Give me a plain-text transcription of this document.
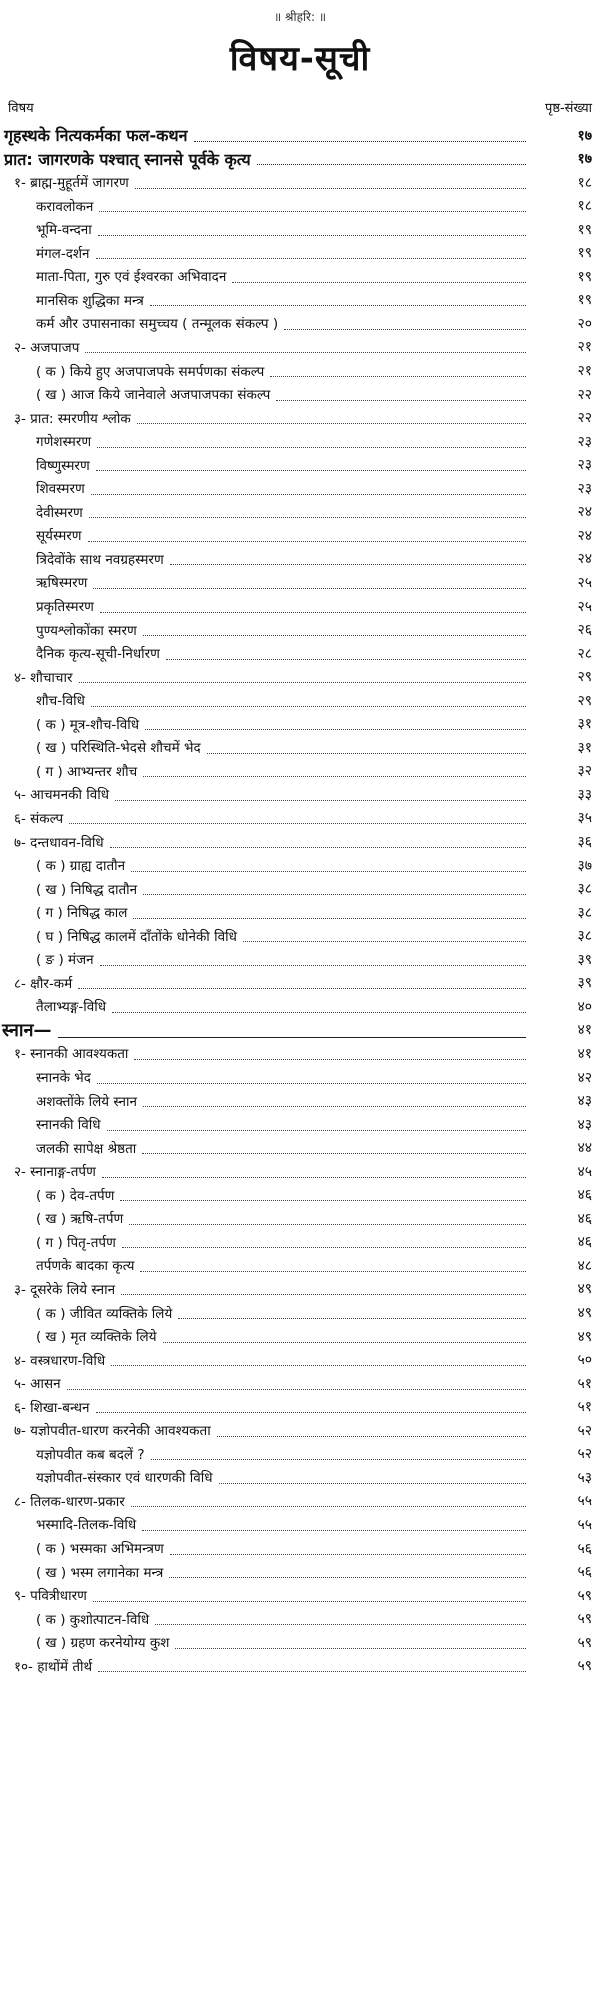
॥ श्रीहरि: ॥
विषय-सूची
विषय	पृष्ठ-संख्या
गृहस्थके नित्यकर्मका फल-कथन	१७
प्रात: जागरणके पश्चात् स्नानसे पूर्वके कृत्य	१७
१- ब्राह्म-मुहूर्तमें जागरण	१८
करावलोकन	१८
भूमि-वन्दना	१९
मंगल-दर्शन	१९
माता-पिता, गुरु एवं ईश्वरका अभिवादन	१९
मानसिक शुद्धिका मन्त्र	१९
कर्म और उपासनाका समुच्चय ( तन्मूलक संकल्प )	२०
२- अजपाजप	२१
( क ) किये हुए अजपाजपके समर्पणका संकल्प	२१
( ख ) आज किये जानेवाले अजपाजपका संकल्प	२२
३- प्रात: स्मरणीय श्लोक	२२
गणेशस्मरण	२३
विष्णुस्मरण	२३
शिवस्मरण	२३
देवीस्मरण	२४
सूर्यस्मरण	२४
त्रिदेवोंके साथ नवग्रहस्मरण	२४
ऋषिस्मरण	२५
प्रकृतिस्मरण	२५
पुण्यश्लोकोंका स्मरण	२६
दैनिक कृत्य-सूची-निर्धारण	२८
४- शौचाचार	२९
शौच-विधि	२९
( क ) मूत्र-शौच-विधि	३१
( ख ) परिस्थिति-भेदसे शौचमें भेद	३१
( ग ) आभ्यन्तर शौच	३२
५- आचमनकी विधि	३३
६- संकल्प	३५
७- दन्तधावन-विधि	३६
( क ) ग्राह्य दातौन	३७
( ख ) निषिद्ध दातौन	३८
( ग ) निषिद्ध काल	३८
( घ ) निषिद्ध कालमें दाँतोंके धोनेकी विधि	३८
( ङ ) मंजन	३९
८- क्षौर-कर्म	३९
तैलाभ्यङ्ग-विधि	४०
स्नान—	४१
१- स्नानकी आवश्यकता	४१
स्नानके भेद	४२
अशक्तोंके लिये स्नान	४३
स्नानकी विधि	४३
जलकी सापेक्ष श्रेष्ठता	४४
२- स्नानाङ्ग-तर्पण	४५
( क ) देव-तर्पण	४६
( ख ) ऋषि-तर्पण	४६
( ग ) पितृ-तर्पण	४६
तर्पणके बादका कृत्य	४८
३- दूसरेके लिये स्नान	४९
( क ) जीवित व्यक्तिके लिये	४९
( ख ) मृत व्यक्तिके लिये	४९
४- वस्त्रधारण-विधि	५०
५- आसन	५१
६- शिखा-बन्धन	५१
७- यज्ञोपवीत-धारण करनेकी आवश्यकता	५२
यज्ञोपवीत कब बदलें ?	५२
यज्ञोपवीत-संस्कार एवं धारणकी विधि	५३
८- तिलक-धारण-प्रकार	५५
भस्मादि-तिलक-विधि	५५
( क ) भस्मका अभिमन्त्रण	५६
( ख ) भस्म लगानेका मन्त्र	५६
९- पवित्रीधारण	५९
( क ) कुशोत्पाटन-विधि	५९
( ख ) ग्रहण करनेयोग्य कुश	५९
१०- हाथोंमें तीर्थ	५९
